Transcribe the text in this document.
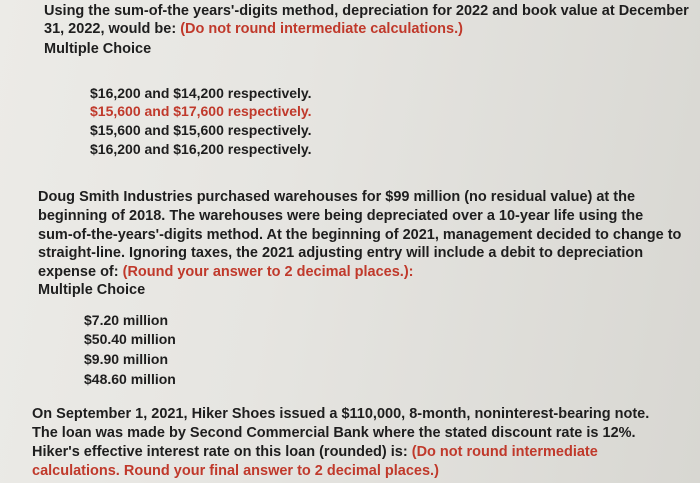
Using the sum-of-the years'-digits method, depreciation for 2022 and book value at December
31, 2022, would be: (Do not round intermediate calculations.)
Multiple Choice
$16,200 and $14,200 respectively.
$15,600 and $17,600 respectively.
$15,600 and $15,600 respectively.
$16,200 and $16,200 respectively.
Doug Smith Industries purchased warehouses for $99 million (no residual value) at the
beginning of 2018. The warehouses were being depreciated over a 10-year life using the
sum-of-the-years'-digits method. At the beginning of 2021, management decided to change to
straight-line. Ignoring taxes, the 2021 adjusting entry will include a debit to depreciation
expense of: (Round your answer to 2 decimal places.):
Multiple Choice
$7.20 million
$50.40 million
$9.90 million
$48.60 million
On September 1, 2021, Hiker Shoes issued a $110,000, 8-month, noninterest-bearing note.
The loan was made by Second Commercial Bank where the stated discount rate is 12%.
Hiker's effective interest rate on this loan (rounded) is: (Do not round intermediate
calculations. Round your final answer to 2 decimal places.)
